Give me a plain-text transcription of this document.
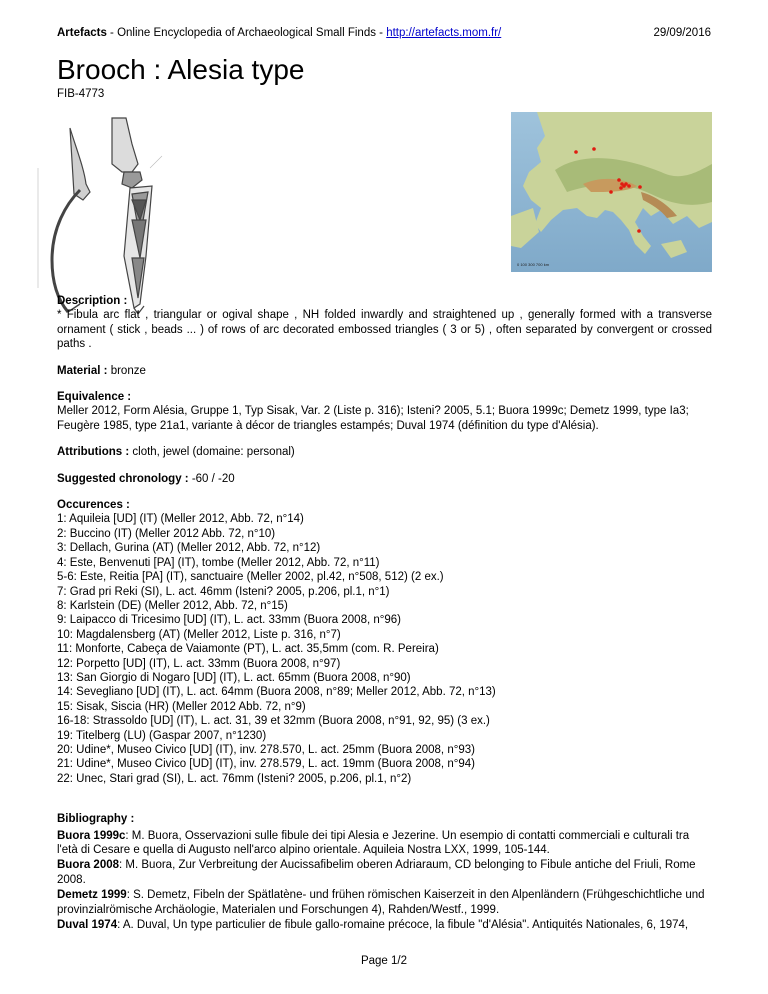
Artefacts - Online Encyclopedia of Archaeological Small Finds - http://artefacts.mom.fr/	29/09/2016
Brooch : Alesia type
FIB-4773
0 100 300 700 km
Description :
* Fibula arc flat , triangular or ogival shape , NH folded inwardly and straightened up , generally formed with a transverse ornament ( stick , beads ... ) of rows of arc decorated embossed triangles ( 3 or 5) , often separated by convergent or crossed paths .
Material : bronze
Equivalence :
Meller 2012, Form Alésia, Gruppe 1, Typ Sisak, Var. 2 (Liste p. 316); Isteni? 2005, 5.1; Buora 1999c; Demetz 1999, type Ia3; Feugère 1985, type 21a1, variante à décor de triangles estampés; Duval 1974 (définition du type d'Alésia).
Attributions : cloth, jewel (domaine: personal)
Suggested chronology : -60 / -20
Occurences :
1: Aquileia [UD] (IT) (Meller 2012, Abb. 72, n°14)
2: Buccino (IT) (Meller 2012 Abb. 72, n°10)
3: Dellach, Gurina (AT) (Meller 2012, Abb. 72, n°12)
4: Este, Benvenuti [PA] (IT), tombe (Meller 2012, Abb. 72, n°11)
5-6: Este, Reitia [PA] (IT), sanctuaire (Meller 2002, pl.42, n°508, 512) (2 ex.)
7: Grad pri Reki (SI), L. act. 46mm (Isteni? 2005, p.206, pl.1, n°1)
8: Karlstein (DE) (Meller 2012, Abb. 72, n°15)
9: Laipacco di Tricesimo [UD] (IT), L. act. 33mm (Buora 2008, n°96)
10: Magdalensberg (AT) (Meller 2012, Liste p. 316, n°7)
11: Monforte, Cabeça de Vaiamonte (PT), L. act. 35,5mm (com. R. Pereira)
12: Porpetto [UD] (IT), L. act. 33mm (Buora 2008, n°97)
13: San Giorgio di Nogaro [UD] (IT), L. act. 65mm (Buora 2008, n°90)
14: Sevegliano [UD] (IT), L. act. 64mm (Buora 2008, n°89; Meller 2012, Abb. 72, n°13)
15: Sisak, Siscia (HR) (Meller 2012 Abb. 72, n°9)
16-18: Strassoldo [UD] (IT), L. act. 31, 39 et 32mm (Buora 2008, n°91, 92, 95) (3 ex.)
19: Titelberg (LU) (Gaspar 2007, n°1230)
20: Udine*, Museo Civico [UD] (IT), inv. 278.570, L. act. 25mm (Buora 2008, n°93)
21: Udine*, Museo Civico [UD] (IT), inv. 278.579, L. act. 19mm (Buora 2008, n°94)
22: Unec, Stari grad (SI), L. act. 76mm (Isteni? 2005, p.206, pl.1, n°2)
Bibliography :

Buora 1999c: M. Buora, Osservazioni sulle fibule dei tipi Alesia e Jezerine. Un esempio di contatti commerciali e culturali tra l'età di Cesare e quella di Augusto nell'arco alpino orientale. Aquileia Nostra LXX, 1999, 105-144.

Buora 2008: M. Buora, Zur Verbreitung der Aucissafibelim oberen Adriaraum, CD belonging to Fibule antiche del Friuli, Rome 2008.

Demetz 1999: S. Demetz, Fibeln der Spätlatène- und frühen römischen Kaiserzeit in den Alpenländern (Frühgeschichtliche und provinzialrömische Archäologie, Materialen und Forschungen 4), Rahden/Westf., 1999.

Duval 1974: A. Duval, Un type particulier de fibule gallo-romaine précoce, la fibule "d'Alésia". Antiquités Nationales, 6, 1974,

Page 1/2
